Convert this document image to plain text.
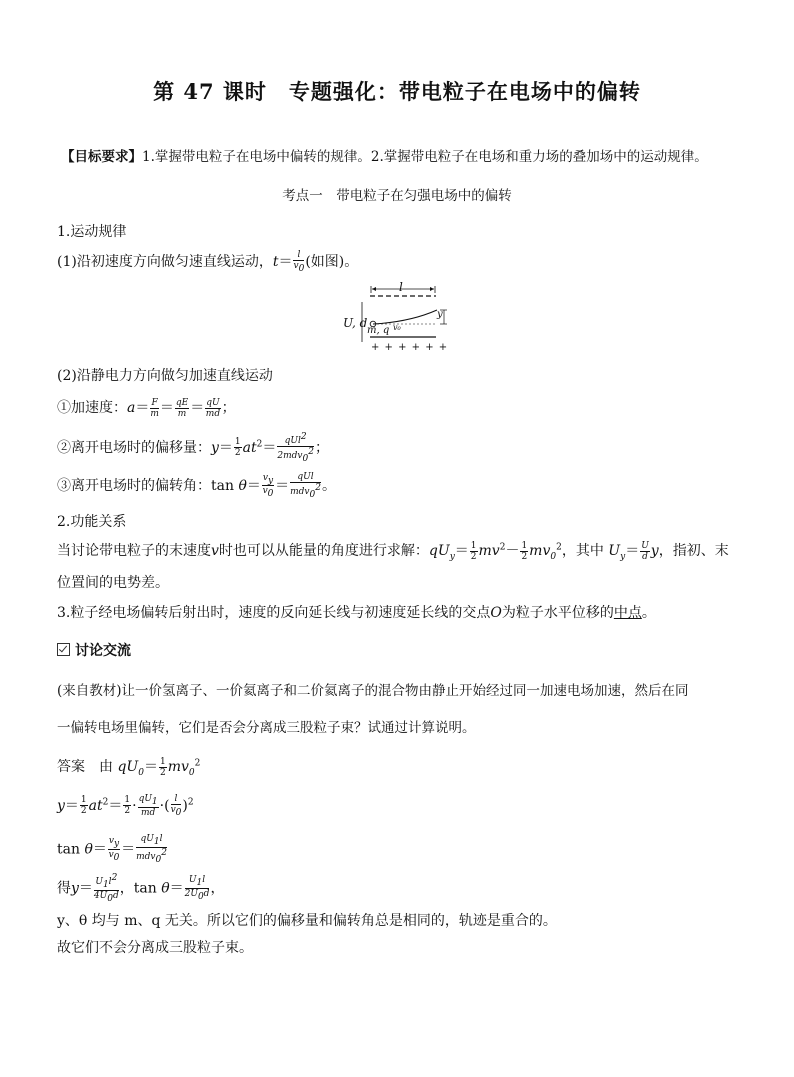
第 47 课时　专题强化：带电粒子在电场中的偏转
【目标要求】1.掌握带电粒子在电场中偏转的规律。2.掌握带电粒子在电场和重力场的叠加场中的运动规律。
考点一　带电粒子在匀强电场中的偏转
1.运动规律
(1)沿初速度方向做匀速直线运动，$t= \frac{l}{v_0}$ (如图)。
l
U, d
m, q v₀
y
+ + + + + +
(2)沿静电力方向做匀加速直线运动
①加速度：$a= \frac{F}{m} = \frac{qE}{m} = \frac{qU}{md}$ ；
②离开电场时的偏移量：$y= \frac{1}{2} at^2= \frac{qUl^2}{2mdv_0^2}$ ；
③离开电场时的偏转角：$\tan \theta= \frac{v_y}{v_0} = \frac{\text{qUl}}{mdv_0^2}$ 。
2.功能关系
当讨论带电粒子的末速度v时也可以从能量的角度进行求解：$qU_y= \frac{1}{2} mv^2- \frac{1}{2} mv_0^2$，其中 $U_y= \frac{U}{d}$ y，指初、末
位置间的电势差。
3.粒子经电场偏转后射出时，速度的反向延长线与初速度延长线的交点O为粒子水平位移的中点。
讨论交流
(来自教材)让一价氢离子、一价氦离子和二价氦离子的混合物由静止开始经过同一加速电场加速，然后在同
一偏转电场里偏转，它们是否会分离成三股粒子束？试通过计算说明。
答案　由 $qU_0= \frac{1}{2} mv_0^2$
$y= \frac{1}{2} at^2= \frac{1}{2} \cdot \frac{qU_1}{md}$ ·( $\frac{l}{v_0} )^2$
$\tan \theta= \frac{v_y}{v_0} = \frac{qU_1l}{mdv_0^2}$
得$y= \frac{U_1l^2}{4U_0d}$ ，$\tan \theta= \frac{U_1l}{2U_0d}$ ，
y、θ 均与 m、q 无关。所以它们的偏移量和偏转角总是相同的，轨迹是重合的。
故它们不会分离成三股粒子束。
